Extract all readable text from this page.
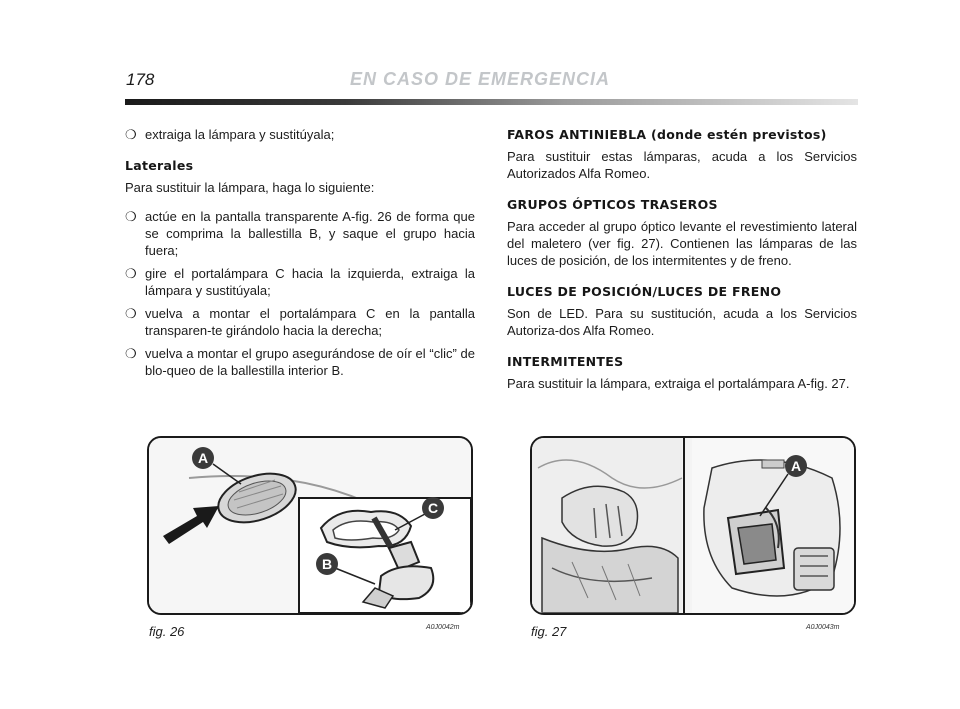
178	EN CASO DE EMERGENCIA
❍ extraiga la lámpara y sustitúyala;
Laterales

Para sustituir la lámpara, haga lo siguiente:

❍ actúe en la pantalla transparente A-fig. 26 de forma que se comprima la ballestilla B, y saque el grupo hacia fuera;
❍ gire el portalámpara C hacia la izquierda, extraiga la lámpara y sustitúyala;
❍ vuelva a montar el portalámpara C en la pantalla transparen-te girándolo hacia la derecha;
❍ vuelva a montar el grupo asegurándose de oír el “clic” de blo-queo de la ballestilla interior B.
FAROS ANTINIEBLA (donde estén previstos)

Para sustituir estas lámparas, acuda a los Servicios Autorizados Alfa Romeo.

GRUPOS ÓPTICOS TRASEROS

Para acceder al grupo óptico levante el revestimiento lateral del maletero (ver fig. 27). Contienen las lámparas de las luces de posición, de los intermitentes y de freno.

LUCES DE POSICIÓN/LUCES DE FRENO

Son de LED. Para su sustitución, acuda a los Servicios Autoriza-dos Alfa Romeo.

INTERMITENTES

Para sustituir la lámpara, extraiga el portalámpara A-fig. 27.

A
C
B
fig. 26	A0J0042m
A
fig. 27	A0J0043m
